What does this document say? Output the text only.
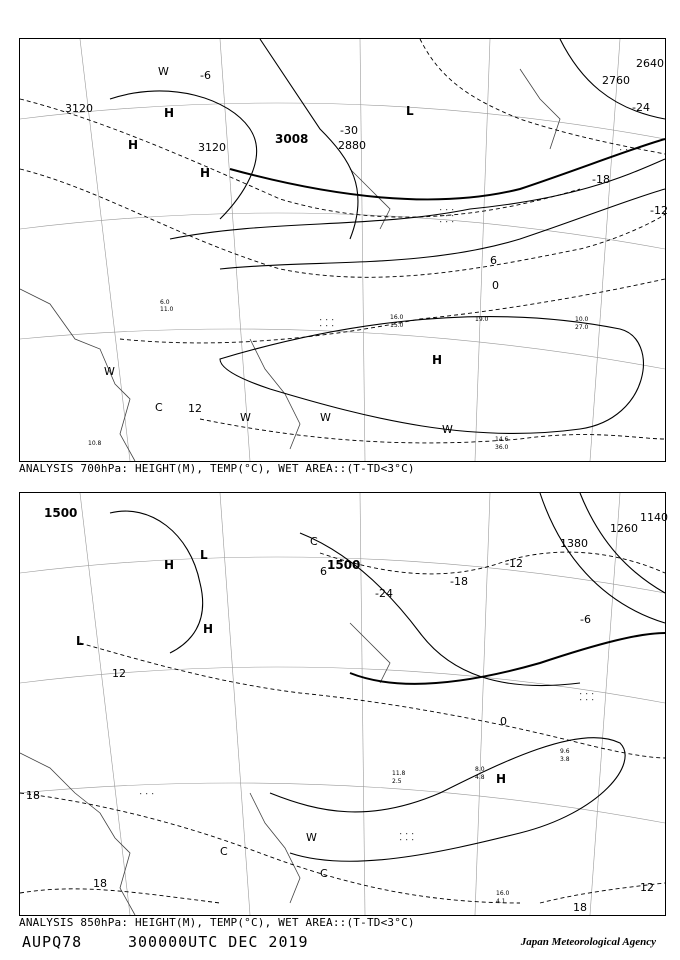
3120
3120
3008	2880
2760
2640
-30
-24
-18
-12
-6
0
6
12
H
H
H
H
L
W
W
W	W
W
C
14.6
36.0
10.0
27.0
16.0
15.0
19.0
11.0
10.8
6.0
ANALYSIS 700hPa: HEIGHT(M), TEMP(°C), WET AREA::(T-TD<3°C)
1500
1500
1380
1260
1140
-24
-18
-12
-6
0
6
12
18
18
18
12
H
H
L
L
H
W
C
C
C
16.0
4.1
8.0
4.8
11.8
2.5
9.6
3.8
ANALYSIS 850hPa: HEIGHT(M), TEMP(°C), WET AREA::(T-TD<3°C)
AUPQ78	300000UTC DEC 2019	Japan Meteorological Agency
